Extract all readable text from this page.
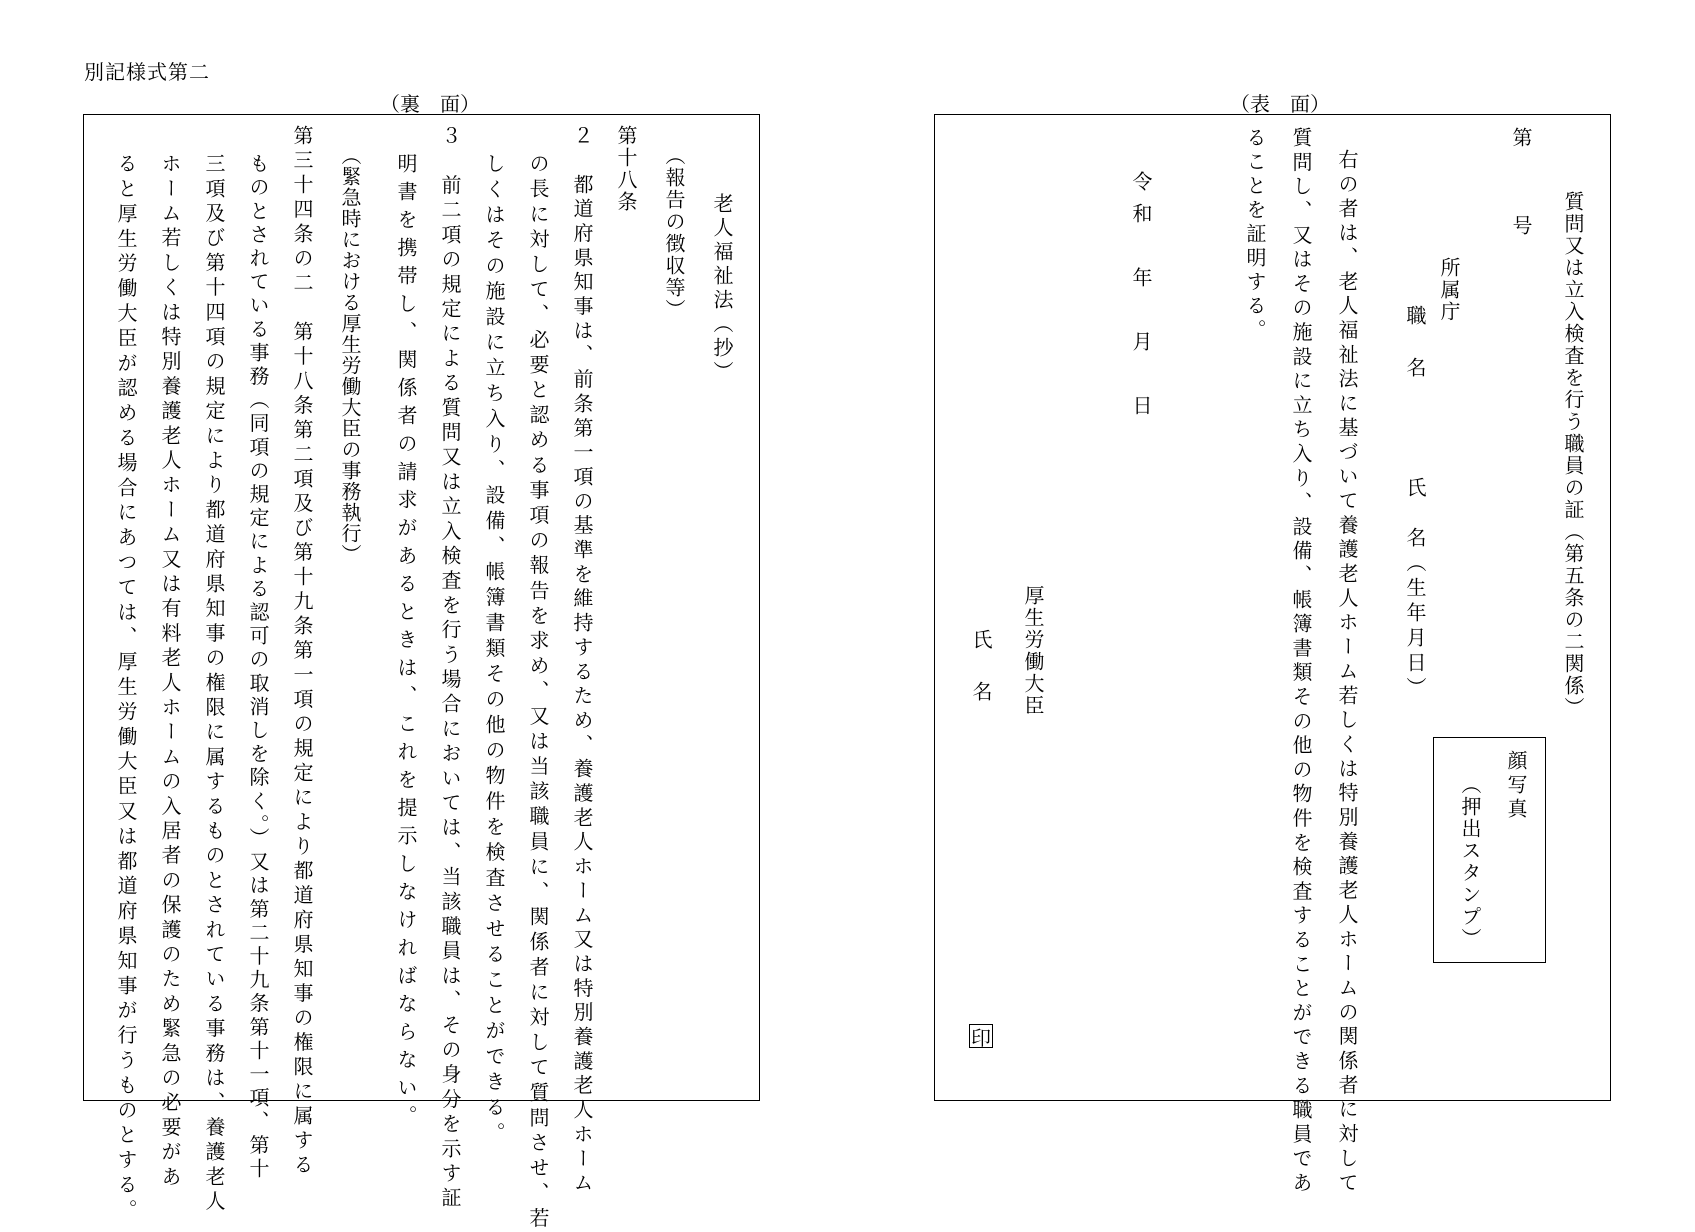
別記様式第二
（裏　面）
老人福祉法（抄）
（報告の徴収等）
第十八条
２　都道府県知事は、前条第一項の基準を維持するため、養護老人ホーム又は特別養護老人ホーム
の長に対して、必要と認める事項の報告を求め、又は当該職員に、関係者に対して質問させ、若
しくはその施設に立ち入り、設備、帳簿書類その他の物件を検査させることができる。
３　前二項の規定による質問又は立入検査を行う場合においては、当該職員は、その身分を示す証
明書を携帯し、関係者の請求があるときは、これを提示しなければならない。
（緊急時における厚生労働大臣の事務執行）
第三十四条の二　第十八条第二項及び第十九条第一項の規定により都道府県知事の権限に属する
ものとされている事務（同項の規定による認可の取消しを除く。）又は第二十九条第十一項、第十
三項及び第十四項の規定により都道府県知事の権限に属するものとされている事務は、養護老人
ホーム若しくは特別養護老人ホーム又は有料老人ホームの入居者の保護のため緊急の必要があ
ると厚生労働大臣が認める場合にあつては、厚生労働大臣又は都道府県知事が行うものとする。
（表　面）
質問又は立入検査を行う職員の証（第五条の二関係）
第
号
所属庁
職　名
氏　名（生年月日）
顔写真
（押出スタンプ）
右の者は、老人福祉法に基づいて養護老人ホーム若しくは特別養護老人ホームの関係者に対して
質問し、又はその施設に立ち入り、設備、帳簿書類その他の物件を検査することができる職員であ
ることを証明する。
令和　年　月　日
厚生労働大臣
氏　名
印
